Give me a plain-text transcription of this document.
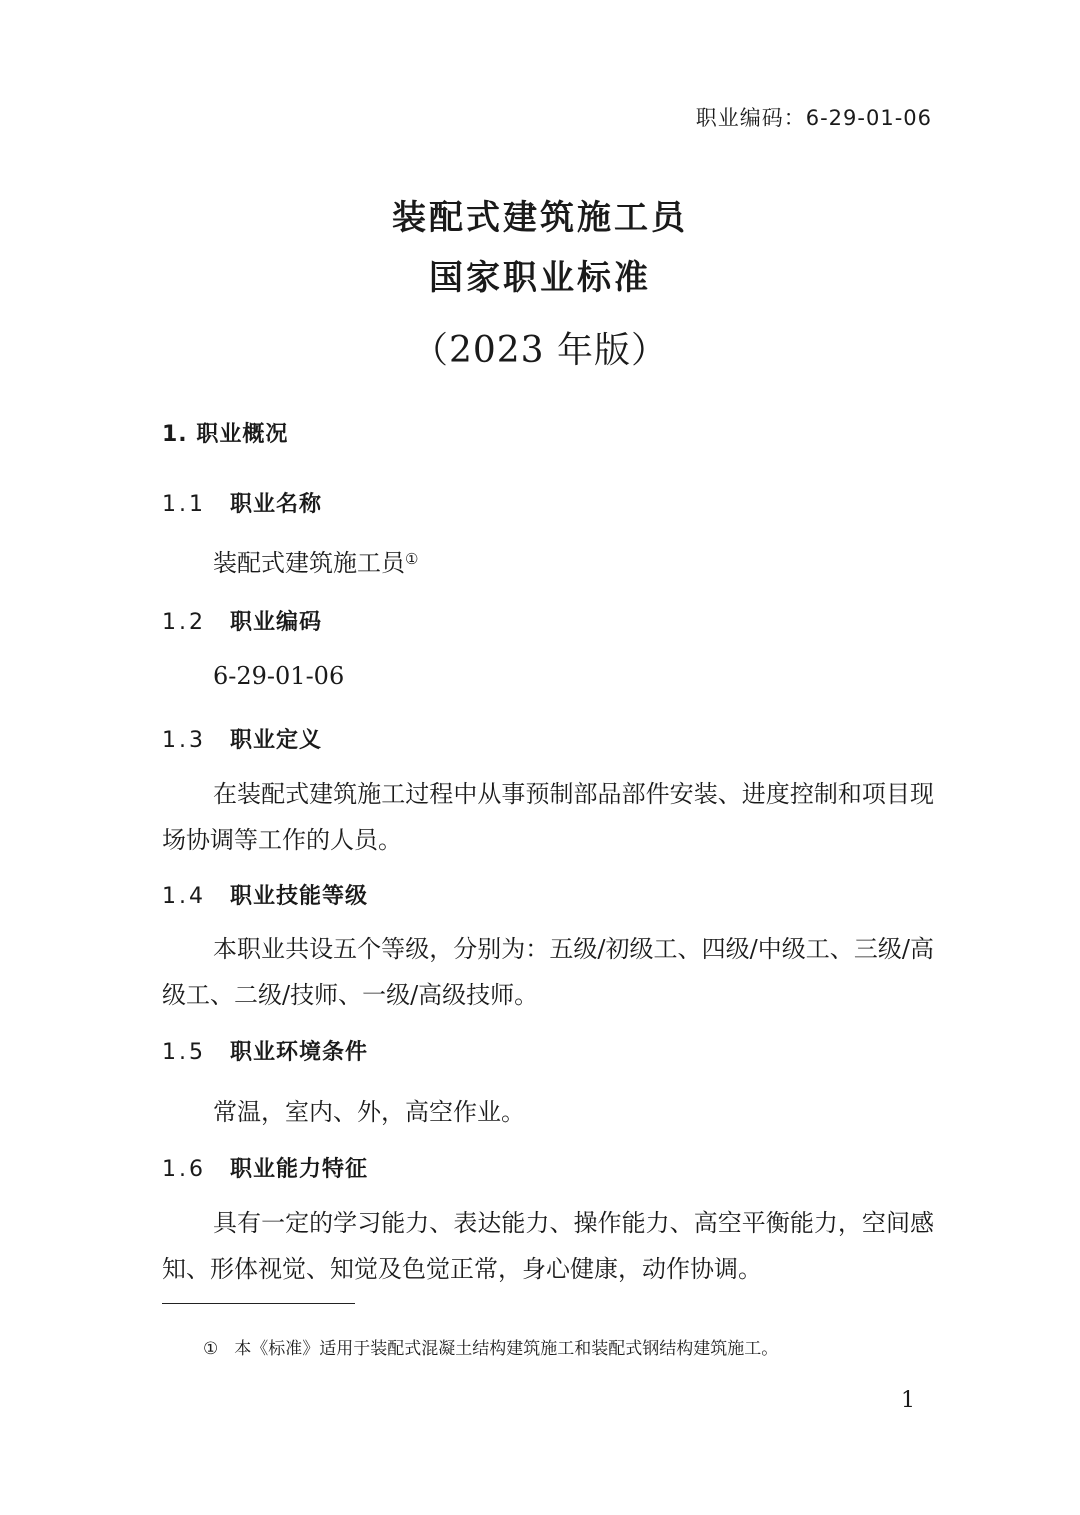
职业编码：6-29-01-06
装配式建筑施工员
国家职业标准
（2023 年版）
1. 职业概况
1.1 职业名称
装配式建筑施工员①
1.2 职业编码
6-29-01-06
1.3 职业定义
在装配式建筑施工过程中从事预制部品部件安装、进度控制和项目现场协调等工作的人员。
1.4 职业技能等级
本职业共设五个等级，分别为：五级/初级工、四级/中级工、三级/高级工、二级/技师、一级/高级技师。
1.5 职业环境条件
常温，室内、外，高空作业。
1.6 职业能力特征
具有一定的学习能力、表达能力、操作能力、高空平衡能力，空间感知、形体视觉、知觉及色觉正常，身心健康，动作协调。
① 本《标准》适用于装配式混凝土结构建筑施工和装配式钢结构建筑施工。
1
